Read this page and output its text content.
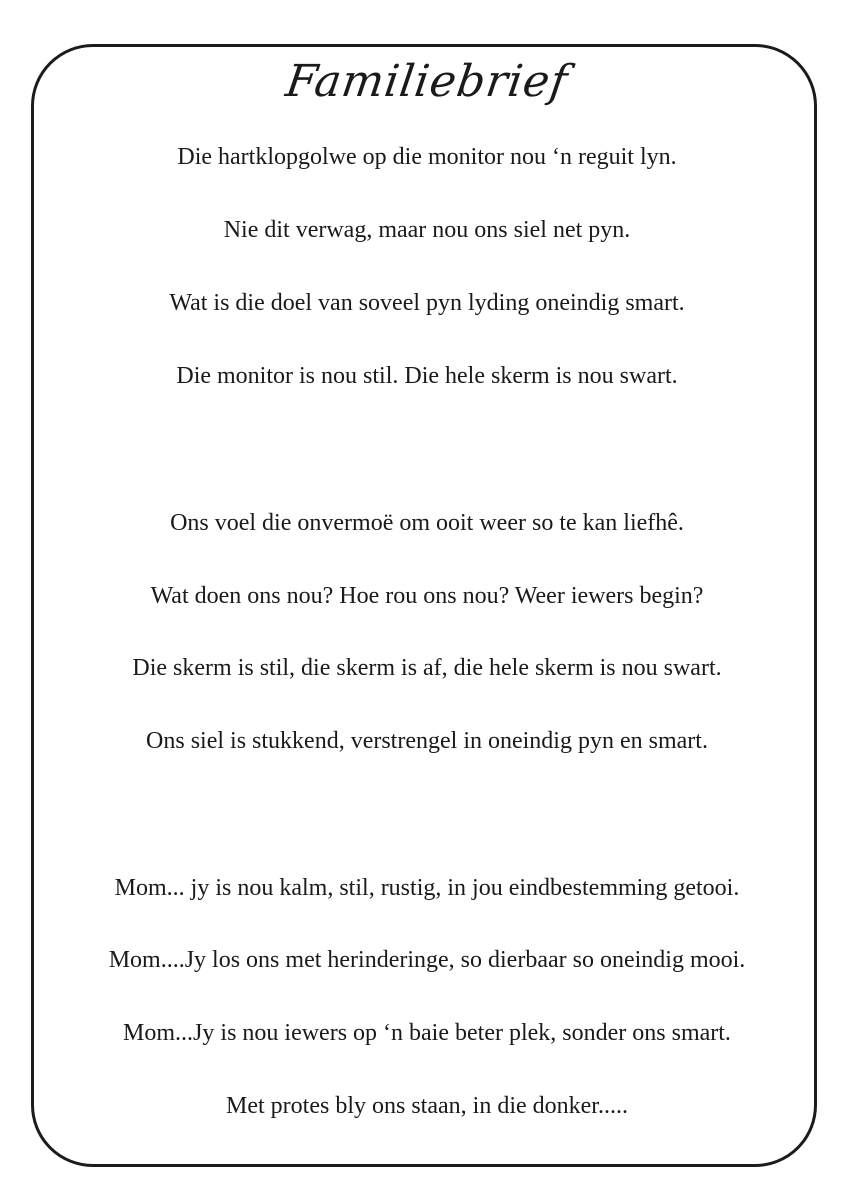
Familiebrief
Die hartklopgolwe op die monitor nou ‘n reguit lyn.
Nie dit verwag, maar nou ons siel net pyn.
Wat is die doel van soveel pyn lyding oneindig smart.
Die monitor is nou stil. Die hele skerm is nou swart.
Ons voel die onvermoë om ooit weer so te kan liefhê.
Wat doen ons nou? Hoe rou ons nou? Weer iewers begin?
Die skerm is stil, die skerm is af, die hele skerm is nou swart.
Ons siel is stukkend, verstrengel in oneindig pyn en smart.
Mom... jy is nou kalm, stil, rustig, in jou eindbestemming getooi.
Mom....Jy los ons met herinderinge, so dierbaar so oneindig mooi.
Mom...Jy is nou iewers op ‘n baie beter plek, sonder ons smart.
Met protes bly ons staan, in die donker.....
